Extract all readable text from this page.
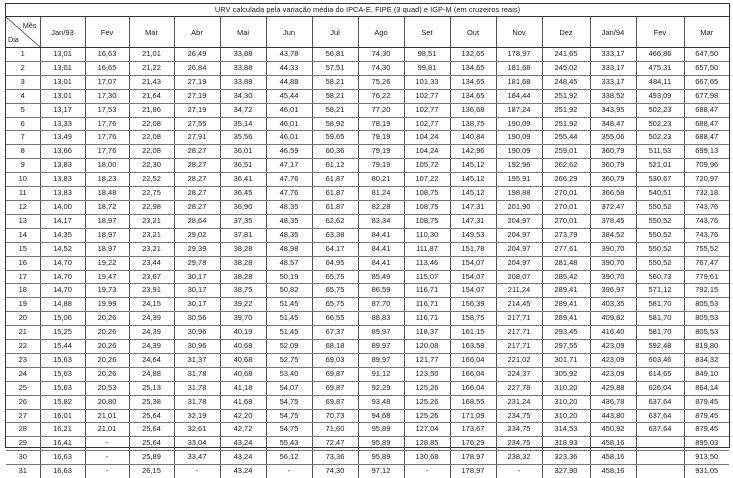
URV calculada pela variação média do IPCA-E, FIPE (3 quad) e IGP-M (em cruzeiros reais)
Mês
Dia	Jan/93	Fev	Mar	Abr	Mai	Jun	Jul	Ago	Set	Out	Nov	Dez	Jan/94	Fev	Mar
1	13,01	16,63	21,01	26,49	33,88	43,78	56,81	74,30	98,51	132,65	178,97	241,65	333,17	466,86	647,50
2	13,01	16,65	21,22	26,84	33,88	44,33	57,51	74,30	99,81	134,65	181,68	245,02	333,17	475,31	657,50
3	13,01	17,07	21,43	27,19	33,88	44,88	58,21	75,26	101,33	134,65	181,68	248,45	333,17	484,11	667,65
4	13,01	17,30	21,64	27,19	34,30	45,44	58,21	76,22	102,77	134,65	184,44	251,92	338,52	493,09	677,98
5	13,17	17,53	21,86	27,19	34,72	46,01	58,21	77,20	102,77	136,68	187,24	251,92	343,95	502,23	688,47
6	13,33	17,76	22,08	27,55	35,14	46,01	58,92	78,19	102,77	138,75	190,09	251,92	348,47	502,23	688,47
7	13,49	17,76	22,08	27,91	35,56	46,01	59,65	79,19	104,24	140,84	190,09	255,44	355,06	502,23	688,47
8	13,66	17,76	22,08	28,27	36,01	46,59	60,36	79,19	104,24	142,96	190,09	259,01	360,79	511,53	699,13
9	13,83	18,00	22,30	28,27	36,51	47,17	61,12	79,19	105,72	145,12	192,96	262,62	360,79	521,01	709,96
10	13,83	18,23	22,52	28,27	36,41	47,76	61,87	80,21	107,22	145,12	195,91	266,29	360,79	530,67	720,97
11	13,83	18,48	22,75	28,27	36,45	47,76	61,87	81,24	108,75	145,12	198,88	270,01	366,58	540,51	732,18
12	14,00	18,72	22,98	28,27	36,90	48,35	61,87	82,28	108,75	147,31	201,90	270,01	372,47	550,52	743,76
13	14,17	18,97	23,21	28,64	37,35	48,35	62,62	83,34	108,75	147,31	204,97	270,01	378,45	550,52	743,76
14	14,35	18,97	23,21	29,02	37,81	48,35	63,38	84,41	110,30	149,53	204,97	273,79	384,52	550,52	743,76
15	14,52	18,97	23,21	29,39	38,28	48,98	64,17	84,41	111,87	151,78	204,97	277,61	390,70	550,52	755,52
16	14,70	19,22	23,44	29,78	38,28	48,57	64,95	84,41	113,46	154,07	204,97	281,48	390,70	550,52	767,47
17	14,70	19,47	23,67	30,17	38,28	50,19	65,75	85,49	115,07	154,07	208,07	285,42	390,70	560,73	779,61
18	14,70	19,73	23,91	30,17	38,75	50,82	65,75	86,59	116,71	154,07	211,24	289,41	396,97	571,12	792,15
19	14,88	19,99	24,15	30,17	39,22	51,45	65,75	87,70	116,71	156,39	214,45	289,41	403,35	581,70	805,53
20	15,06	20,26	24,39	30,56	39,70	51,45	66,55	88,83	116,71	158,75	217,71	289,41	409,82	581,70	805,53
21	15,25	20,26	24,39	30,96	40,19	51,45	67,37	89,97	118,37	161,15	217,71	293,45	416,40	581,70	805,53
22	15,44	20,26	24,39	30,96	40,68	52,09	68,18	89,97	120,08	163,58	217,71	297,55	423,09	592,48	819,80
23	15,63	20,26	24,64	31,37	40,68	52,75	69,03	89,97	121,77	166,04	221,02	301,71	423,09	603,46	834,32
24	15,63	20,26	24,88	31,78	40,68	53,40	69,87	91,12	123,50	166,04	224,37	305,92	423,09	614,65	849,10
25	15,63	20,53	25,13	31,78	41,18	54,07	69,87	92,29	125,26	166,04	227,78	310,20	429,88	626,04	864,14
26	15,82	20,80	25,38	31,78	41,68	54,75	69,87	93,48	125,26	168,55	231,24	310,20	436,78	637,64	879,45
27	16,01	21,01	25,64	32,19	42,20	54,75	70,73	94,68	125,26	171,09	234,75	310,20	443,80	637,64	879,45
28	16,21	21,01	25,64	32,61	42,72	54,75	71,60	95,89	127,04	173,67	234,75	314,53	450,92	637,64	879,45
29	16,41	-	25,64	33,04	43,24	55,43	72,47	95,89	128,85	176,29	234,75	318,93	458,16		895,03
30	16,63	-	25,89	33,47	43,24	56,12	73,36	95,89	130,68	178,97	238,32	323,36	458,16		913,50
31	16,63	-	26,15	-	43,24	-	74,30	97,12	-	178,97	-	327,90	458,16		931,05
